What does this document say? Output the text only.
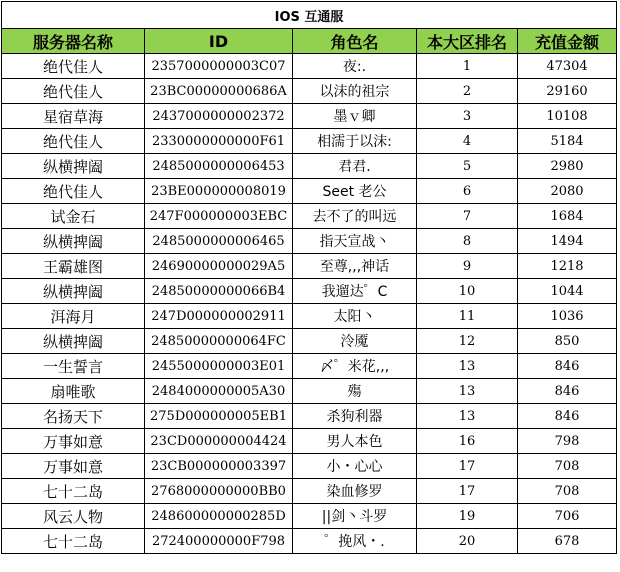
IOS 互通服				
服务器名称	ID	角色名	本大区排名	充值金额
绝代佳人	2357000000003C07	夜:.	1	47304
绝代佳人	23BC00000000686A	以沫的祖宗	2	29160
星宿草海	2437000000002372	墨ｖ卿	3	10108
绝代佳人	2330000000000F61	相濡于以沫:	4	5184
纵横捭阖	2485000000006453	君君.	5	2980
绝代佳人	23BE000000008019	Seet 老公	6	2080
试金石	247F000000003EBC	去不了的叫远	7	1684
纵横捭阖	2485000000006465	指天宣战丶	8	1494
王霸雄图	24690000000029A5	至尊,,,神话	9	1218
纵横捭阖	24850000000066B4	我遛达゜C	10	1044
洱海月	247D000000002911	太阳丶	11	1036
纵横捭阖	24850000000064FC	泠魇	12	850
一生誓言	2455000000003E01	〆゜米花,,,	13	846
扇唯歌	2484000000005A30	殤	13	846
名扬天下	275D000000005EB1	杀狗利器	13	846
万事如意	23CD000000004424	男人本色	16	798
万事如意	23CB000000003397	小・心心	17	708
七十二岛	2768000000000BB0	染血修罗	17	708
风云人物	248600000000285D	||剑丶斗罗	19	706
七十二岛	272400000000F798	゜挽风・.	20	678
